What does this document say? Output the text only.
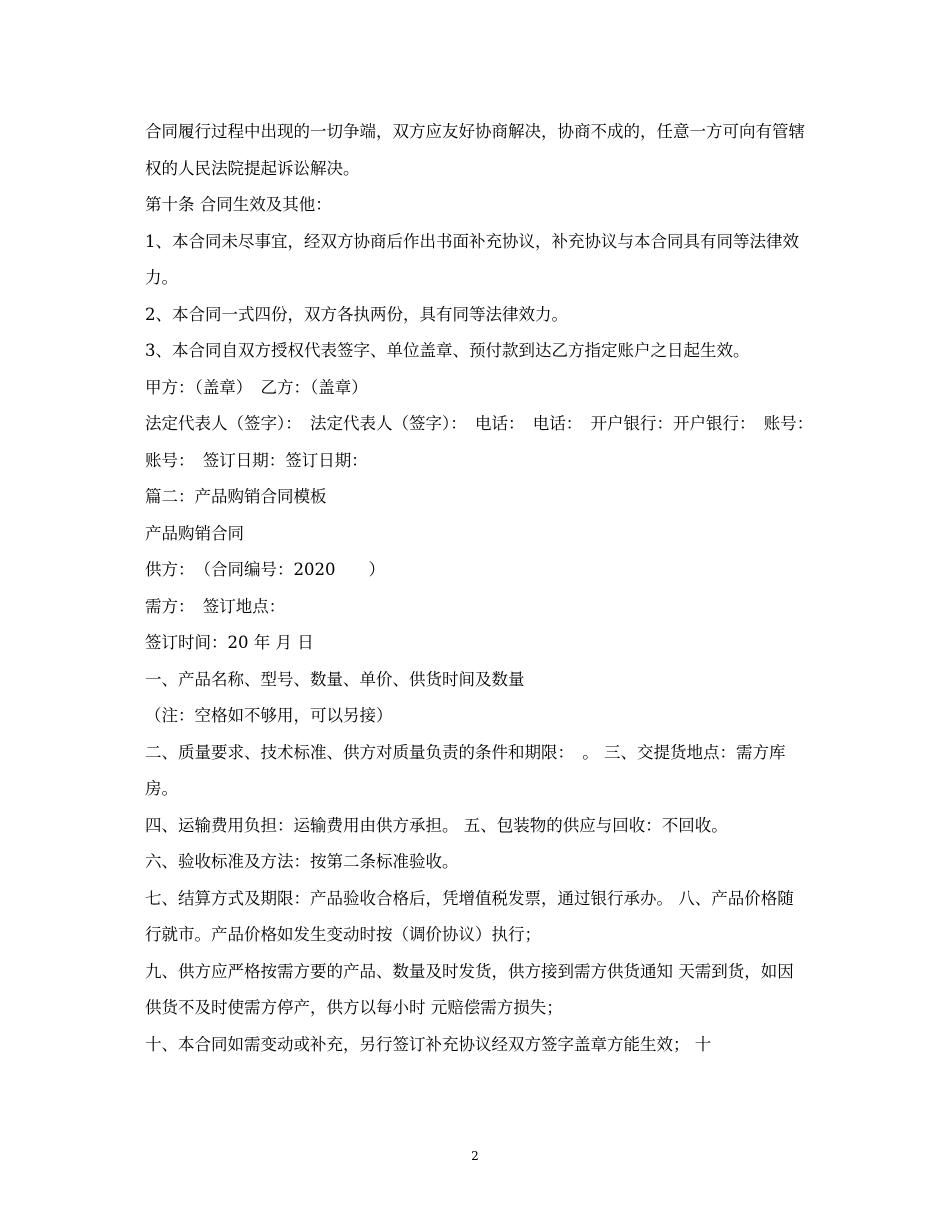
合同履行过程中出现的一切争端，双方应友好协商解决，协商不成的，任意一方可向有管辖权的人民法院提起诉讼解决。

第十条 合同生效及其他：

1、本合同未尽事宜，经双方协商后作出书面补充协议，补充协议与本合同具有同等法律效力。

2、本合同一式四份，双方各执两份，具有同等法律效力。

3、本合同自双方授权代表签字、单位盖章、预付款到达乙方指定账户之日起生效。

甲方：（盖章）　乙方：（盖章）

法定代表人（签字）：　法定代表人（签字）：　电话：　电话：　开户银行：开户银行：　账号：　账号：　签订日期：签订日期：

篇二：产品购销合同模板

产品购销合同

供方：　（合同编号：2020　　）

需方：　签订地点：

签订时间：20 年 月 日

一、产品名称、型号、数量、单价、供货时间及数量

（注：空格如不够用，可以另接）

二、质量要求、技术标准、供方对质量负责的条件和期限：　。 三、交提货地点：需方库房。

四、运输费用负担：运输费用由供方承担。 五、包装物的供应与回收：不回收。

六、验收标准及方法：按第二条标准验收。

七、结算方式及期限：产品验收合格后，凭增值税发票，通过银行承办。 八、产品价格随行就市。产品价格如发生变动时按（调价协议）执行；

九、供方应严格按需方要的产品、数量及时发货，供方接到需方供货通知 天需到货，如因供货不及时使需方停产，供方以每小时 元赔偿需方损失；

十、本合同如需变动或补充，另行签订补充协议经双方签字盖章方能生效； 十

2
